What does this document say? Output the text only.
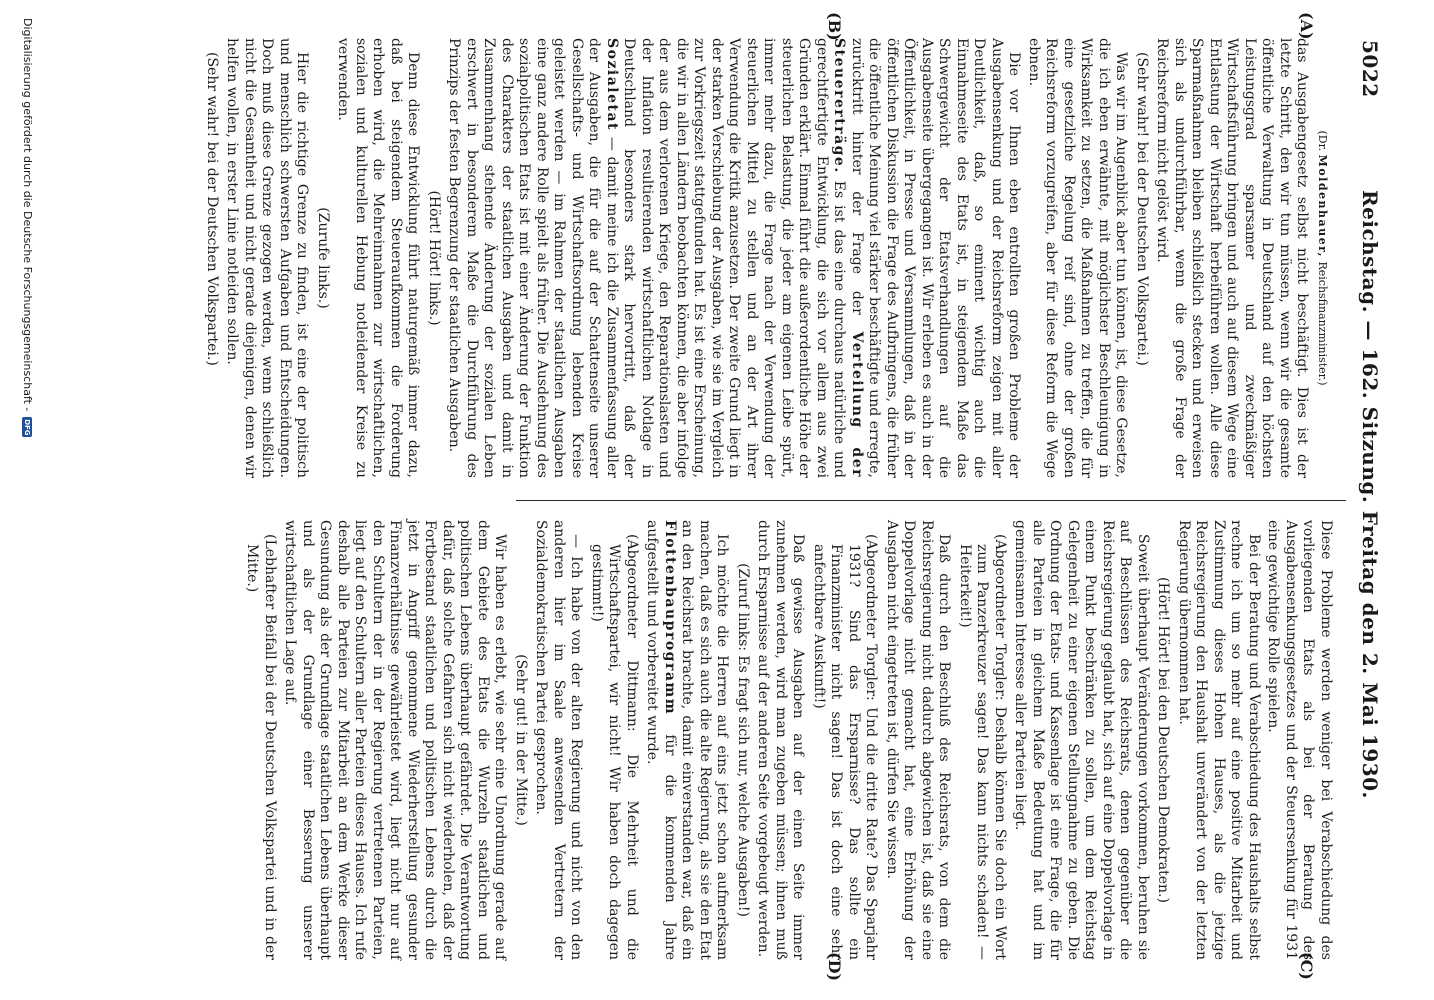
5022
Reichstag. — 162. Sitzung. Freitag den 2. Mai 1930.
(A)
(B)
(C)
(D)

(Dr. Moldenhauer, Reichsfinanzminister.)

das Ausgabengesetz selbst nicht beschäftigt. Dies ist der letzte Schritt, den wir tun müssen, wenn wir die gesamte öffentliche Verwaltung in Deutschland auf den höchsten Leistungsgrad sparsamer und zweckmäßiger Wirtschaftsführung bringen und auch auf diesem Wege eine Entlastung der Wirtschaft herbeiführen wollen. Alle diese Sparmaßnahmen bleiben schließlich stecken und erweisen sich als undurchführbar, wenn die große Frage der Reichsreform nicht gelöst wird.

(Sehr wahr! bei der Deutschen Volkspartei.)

Was wir im Augenblick aber tun können, ist, diese Gesetze, die ich eben erwähnte, mit möglichster Beschleunigung in Wirksamkeit zu setzen, die Maßnahmen zu treffen, die für eine gesetzliche Regelung reif sind, ohne der großen Reichsreform vorzugreifen, aber für diese Reform die Wege ebnen.

Die vor Ihnen eben entrollten großen Probleme der Ausgabensenkung und der Reichsreform zeigen mit aller Deutlichkeit, daß, so eminent wichtig auch die Einnahmeseite des Etats ist, in steigendem Maße das Schwergewicht der Etatsverhandlungen auf die Ausgabenseite übergegangen ist. Wir erleben es auch in der Öffentlichkeit, in Presse und Versammlungen, daß in der öffentlichen Diskussion die Frage des Aufbringens, die früher die öffentliche Meinung viel stärker beschäftigte und erregte, zurücktritt hinter der Frage der Verteilung der Steuererträge. Es ist das eine durchaus natürliche und gerechtfertigte Entwicklung, die sich vor allem aus zwei Gründen erklärt. Einmal führt die außerordentliche Höhe der steuerlichen Belastung, die jeder am eigenen Leibe spürt, immer mehr dazu, die Frage nach der Verwendung der steuerlichen Mittel zu stellen und an der Art ihrer Verwendung die Kritik anzusetzen. Der zweite Grund liegt in der starken Verschiebung der Ausgaben, wie sie im Vergleich zur Vorkriegszeit stattgefunden hat. Es ist eine Erscheinung, die wir in allen Ländern beobachten können, die aber infolge der aus dem verlorenen Kriege, den Reparationslasten und der Inflation resultierenden wirtschaftlichen Notlage in Deutschland besonders stark hervortritt, daß der Sozialetat — damit meine ich die Zusammenfassung aller der Ausgaben, die für die auf der Schattenseite unserer Gesellschafts- und Wirtschaftsordnung lebenden Kreise geleistet werden — im Rahmen der staatlichen Ausgaben eine ganz andere Rolle spielt als früher. Die Ausdehnung des sozialpolitischen Etats ist mit einer Änderung der Funktion des Charakters der staatlichen Ausgaben und damit in Zusammenhang stehende Änderung der sozialen Leben erschwert in besonderem Maße die Durchführung des Prinzips der festen Begrenzung der staatlichen Ausgaben.

(Hört! Hört! links.)

Denn diese Entwicklung führt naturgemäß immer dazu, daß bei steigendem Steueraufkommen die Forderung erhoben wird, die Mehreinnahmen zur wirtschaftlichen, sozialen und kulturellen Hebung notleidender Kreise zu verwenden.

(Zurufe links.)

Hier die richtige Grenze zu finden, ist eine der politisch und menschlich schwersten Aufgaben und Entscheidungen. Doch muß diese Grenze gezogen werden, wenn schließlich nicht die Gesamtheit und nicht gerade diejenigen, denen wir helfen wollen, in erster Linie notleiden sollen.

(Sehr wahr! bei der Deutschen Volkspartei.)

Diese Probleme werden weniger bei Verabschiedung des vorliegenden Etats als bei der Beratung des Ausgabensenkungsgesetzes und der Steuersenkung für 1931 eine gewichtige Rolle spielen.

Bei der Beratung und Verabschiedung des Haushalts selbst rechne ich um so mehr auf eine positive Mitarbeit und Zustimmung dieses Hohen Hauses, als die jetzige Reichsregierung den Haushalt unverändert von der letzten Regierung übernommen hat.

(Hört! Hört! bei den Deutschen Demokraten.)

Soweit überhaupt Veränderungen vorkommen, beruhen sie auf Beschlüssen des Reichsrats, denen gegenüber die Reichsregierung geglaubt hat, sich auf eine Doppelvorlage in einem Punkt beschränken zu sollen, um dem Reichstag Gelegenheit zu einer eigenen Stellungnahme zu geben. Die Ordnung der Etats- und Kassenlage ist eine Frage, die für alle Parteien in gleichem Maße Bedeutung hat und im gemeinsamen Interesse aller Parteien liegt.

(Abgeordneter Torgler: Deshalb können Sie doch ein Wort zum Panzerkreuzer sagen! Das kann nichts schaden! — Heiterkeit!)

Daß durch den Beschluß des Reichsrats, von dem die Reichsregierung nicht dadurch abgewichen ist, daß sie eine Doppelvorlage nicht gemacht hat, eine Erhöhung der Ausgaben nicht eingetreten ist, dürfen Sie wissen.

(Abgeordneter Torgler: Und die dritte Rate? Das Sparjahr 1931? Sind das Ersparnisse? Das sollte ein Finanzminister nicht sagen! Das ist doch eine sehr anfechtbare Auskunft!)

Daß gewisse Ausgaben auf der einen Seite immer zunehmen werden, wird man zugeben müssen; ihnen muß durch Ersparnisse auf der anderen Seite vorgebeugt werden.

(Zuruf links: Es fragt sich nur, welche Ausgaben!)

Ich möchte die Herren auf eins jetzt schon aufmerksam machen, daß es sich auch die alte Regierung, als sie den Etat an den Reichsrat brachte, damit einverstanden war, daß ein Flottenbauprogramm für die kommenden Jahre aufgestellt und vorbereitet wurde.

(Abgeordneter Dittmann: Die Mehrheit und die Wirtschaftspartei, wir nicht! Wir haben doch dagegen gestimmt!)

— Ich habe von der alten Regierung und nicht von den anderen hier im Saale anwesenden Vertretern der Sozialdemokratischen Partei gesprochen.

(Sehr gut! in der Mitte.)

Wir haben es erlebt, wie sehr eine Unordnung gerade auf dem Gebiete des Etats die Wurzeln staatlichen und politischen Lebens überhaupt gefährdet. Die Verantwortung dafür, daß solche Gefahren sich nicht wiederholen, daß der Fortbestand staatlichen und politischen Lebens durch die jetzt in Angriff genommene Wiederherstellung gesunder Finanzverhältnisse gewährleistet wird, liegt nicht nur auf den Schultern der in der Regierung vertretenen Parteien, liegt auf den Schultern aller Parteien dieses Hauses. Ich rufe deshalb alle Parteien zur Mitarbeit an dem Werke dieser Gesundung als der Grundlage staatlichen Lebens überhaupt und als der Grundlage einer Besserung unserer wirtschaftlichen Lage auf.

(Lebhafter Beifall bei der Deutschen Volkspartei und in der Mitte.)

Digitalisierung gefördert durch die Deutsche Forschungsgemeinschaft -
DFG
